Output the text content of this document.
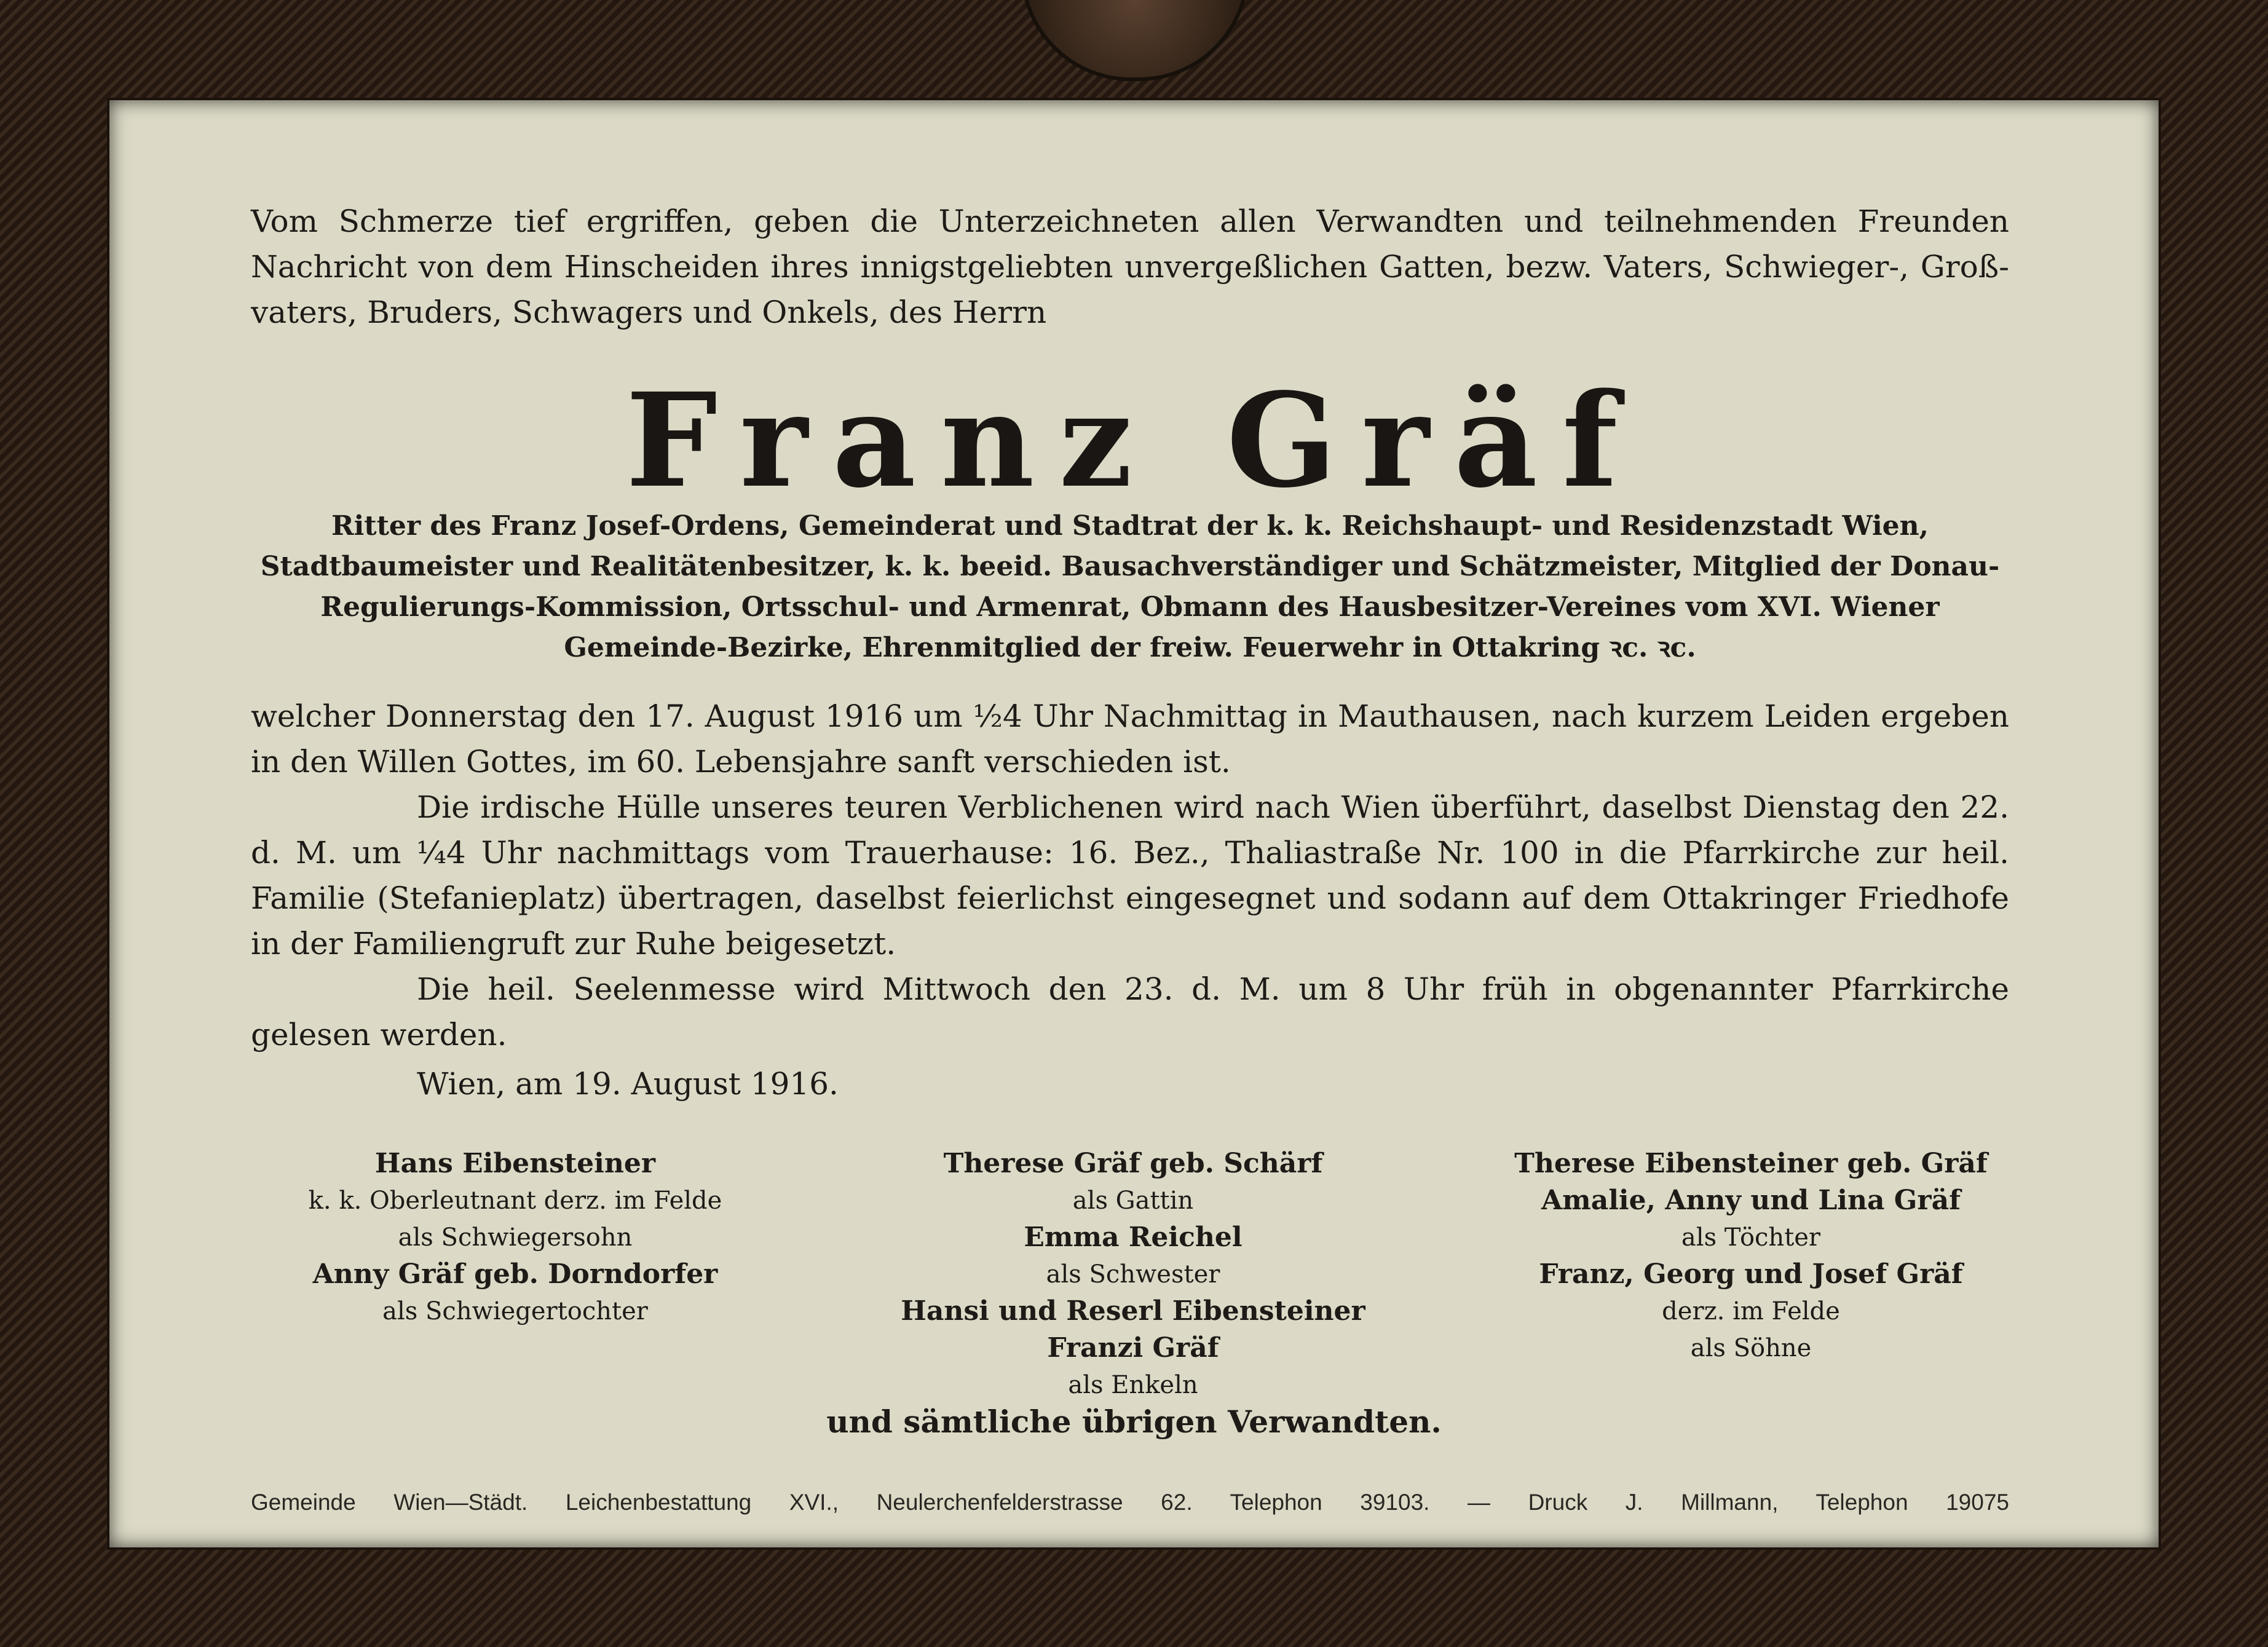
Vom Schmerze tief ergriffen, geben die Unterzeichneten allen Verwandten und teilnehmenden Freunden Nachricht von dem Hinscheiden ihres innigstgeliebten unvergeßlichen Gatten, bezw. Vaters, Schwieger-, Groß- vaters, Bruders, Schwagers und Onkels, des Herrn
Franz Gräf
Ritter des Franz Josef-Ordens, Gemeinderat und Stadtrat der k. k. Reichshaupt- und Residenzstadt Wien, Stadtbaumeister und Realitätenbesitzer, k. k. beeid. Bausachverständiger und Schätzmeister, Mitglied der Donau-Regulierungs-Kommission, Ortsschul- und Armenrat, Obmann des Hausbesitzer-Vereines vom XVI. Wiener Gemeinde-Bezirke, Ehrenmitglied der freiw. Feuerwehr in Ottakring ꝛc. ꝛc.

welcher Donnerstag den 17. August 1916 um ½4 Uhr Nachmittag in Mauthausen, nach kurzem Leiden ergeben in den Willen Gottes, im 60. Lebensjahre sanft verschieden ist.

Die irdische Hülle unseres teuren Verblichenen wird nach Wien überführt, daselbst Dienstag den 22. d. M. um ¼4 Uhr nachmittags vom Trauerhause: 16. Bez., Thaliastraße Nr. 100 in die Pfarrkirche zur heil. Familie (Stefanieplatz) übertragen, daselbst feierlichst eingesegnet und sodann auf dem Ottakringer Friedhofe in der Familiengruft zur Ruhe beigesetzt.

Die heil. Seelenmesse wird Mittwoch den 23. d. M. um 8 Uhr früh in obgenannter Pfarrkirche gelesen werden.

Wien, am 19. August 1916.
Hans Eibensteiner
k. k. Oberleutnant derz. im Felde
als Schwiegersohn
Anny Gräf geb. Dorndorfer
als Schwiegertochter
Therese Gräf geb. Schärf
als Gattin
Emma Reichel
als Schwester
Hansi und Reserl Eibensteiner
Franzi Gräf
als Enkeln
Therese Eibensteiner geb. Gräf
Amalie, Anny und Lina Gräf
als Töchter
Franz, Georg und Josef Gräf
derz. im Felde
als Söhne
und sämtliche übrigen Verwandten.
Gemeinde Wien—Städt. Leichenbestattung XVI., Neulerchenfelderstrasse 62. Telephon 39103. — Druck J. Millmann, Telephon 19075
